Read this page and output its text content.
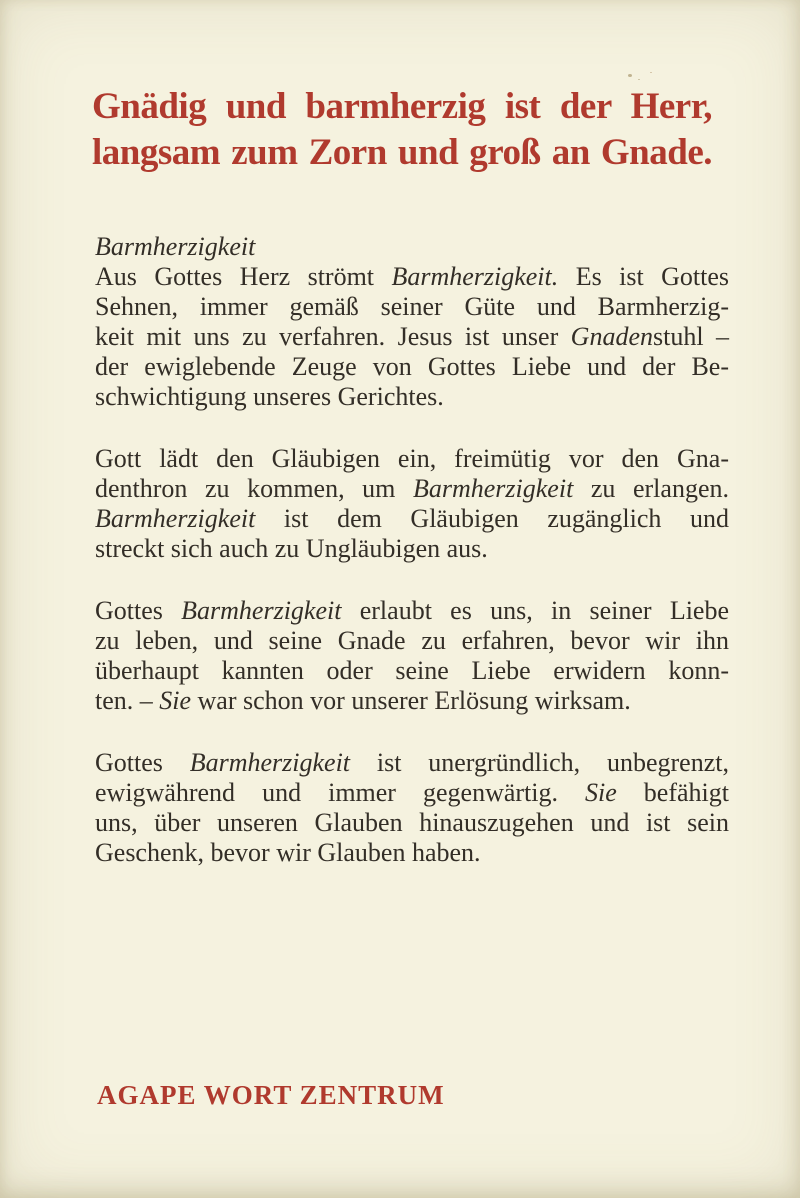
Gnädig und barmherzig ist der Herr,
langsam zum Zorn und groß an Gnade.
Barmherzigkeit
Aus Gottes Herz strömt Barmherzigkeit. Es ist Gottes
Sehnen, immer gemäß seiner Güte und Barmherzig-
keit mit uns zu verfahren. Jesus ist unser Gnadenstuhl –
der ewiglebende Zeuge von Gottes Liebe und der Be-
schwichtigung unseres Gerichtes.
Gott lädt den Gläubigen ein, freimütig vor den Gna-
denthron zu kommen, um Barmherzigkeit zu erlangen.
Barmherzigkeit ist dem Gläubigen zugänglich und
streckt sich auch zu Ungläubigen aus.
Gottes Barmherzigkeit erlaubt es uns, in seiner Liebe
zu leben, und seine Gnade zu erfahren, bevor wir ihn
überhaupt kannten oder seine Liebe erwidern konn-
ten. – Sie war schon vor unserer Erlösung wirksam.
Gottes Barmherzigkeit ist unergründlich, unbegrenzt,
ewigwährend und immer gegenwärtig. Sie befähigt
uns, über unseren Glauben hinauszugehen und ist sein
Geschenk, bevor wir Glauben haben.
AGAPE WORT ZENTRUM
